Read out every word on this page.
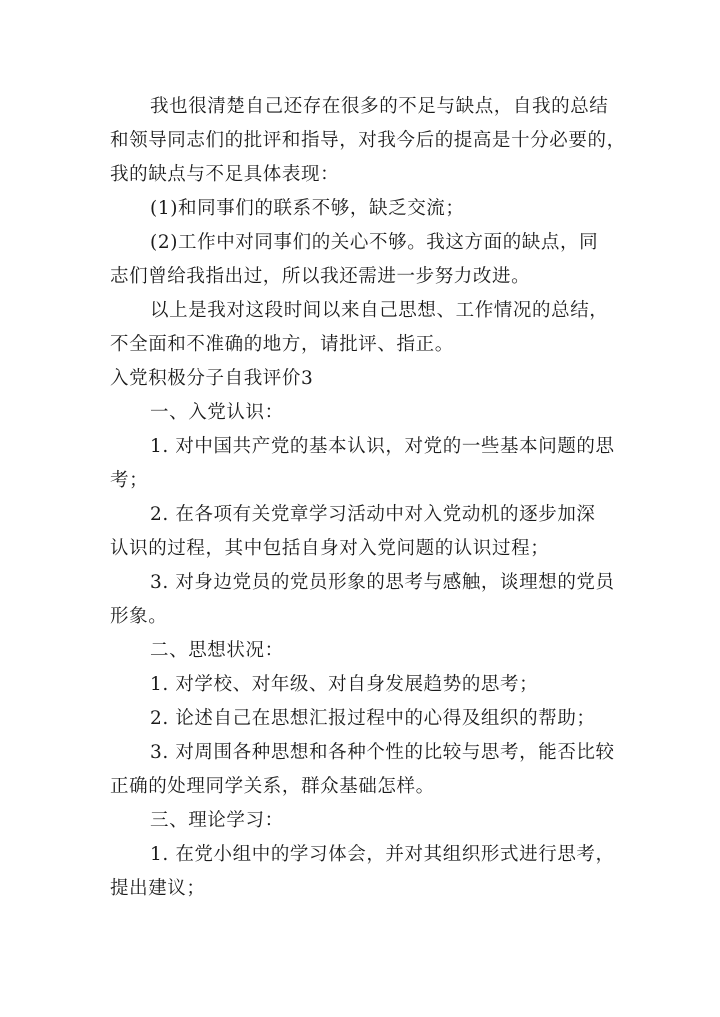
我也很清楚自己还存在很多的不足与缺点，自我的总结
和领导同志们的批评和指导，对我今后的提高是十分必要的，
我的缺点与不足具体表现：
(1)和同事们的联系不够，缺乏交流；
(2)工作中对同事们的关心不够。我这方面的缺点，同
志们曾给我指出过，所以我还需进一步努力改进。
以上是我对这段时间以来自己思想、工作情况的总结，
不全面和不准确的地方，请批评、指正。
入党积极分子自我评价3
一、入党认识：
1. 对中国共产党的基本认识，对党的一些基本问题的思
考；
2. 在各项有关党章学习活动中对入党动机的逐步加深
认识的过程，其中包括自身对入党问题的认识过程；
3. 对身边党员的党员形象的思考与感触，谈理想的党员
形象。
二、思想状况：
1. 对学校、对年级、对自身发展趋势的思考；
2. 论述自己在思想汇报过程中的心得及组织的帮助；
3. 对周围各种思想和各种个性的比较与思考，能否比较
正确的处理同学关系，群众基础怎样。
三、理论学习：
1. 在党小组中的学习体会，并对其组织形式进行思考，
提出建议；
